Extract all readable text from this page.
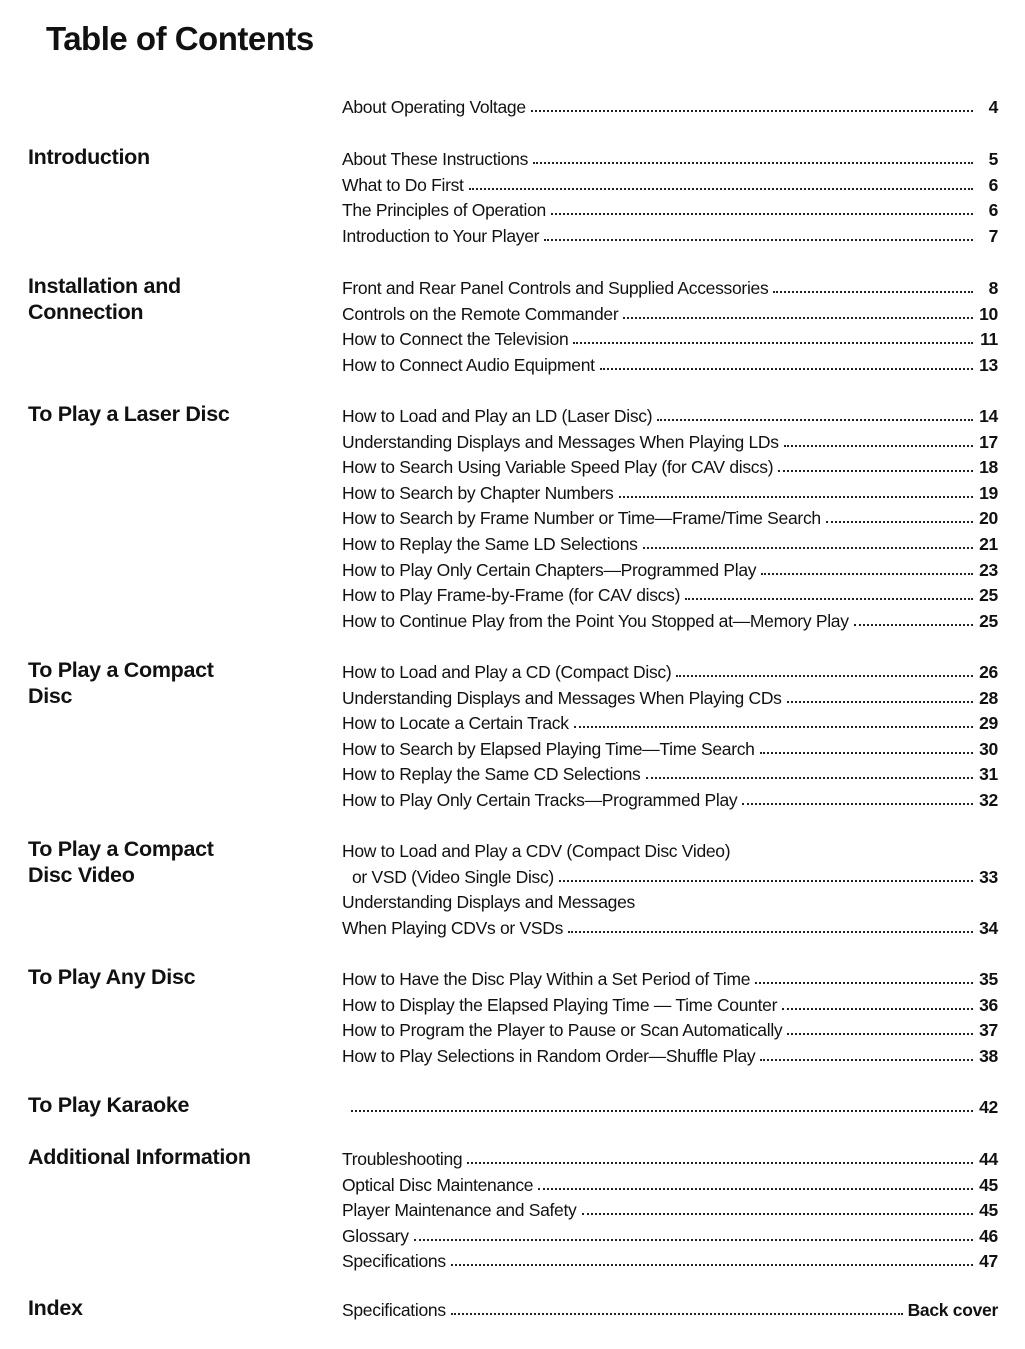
Table of Contents
About Operating Voltage	4
Introduction	About These Instructions	5
What to Do First	6
The Principles of Operation	6
Introduction to Your Player	7
Installation and
Connection
Front and Rear Panel Controls and Supplied Accessories	8
Controls on the Remote Commander	10
How to Connect the Television	11
How to Connect Audio Equipment	13
To Play a Laser Disc	How to Load and Play an LD (Laser Disc)	14
Understanding Displays and Messages When Playing LDs	17
How to Search Using Variable Speed Play (for CAV discs)	18
How to Search by Chapter Numbers	19
How to Search by Frame Number or Time—Frame/Time Search	20
How to Replay the Same LD Selections	21
How to Play Only Certain Chapters—Programmed Play	23
How to Play Frame-by-Frame (for CAV discs)	25
How to Continue Play from the Point You Stopped at—Memory Play	25
To Play a Compact
Disc
How to Load and Play a CD (Compact Disc)	26
Understanding Displays and Messages When Playing CDs	28
How to Locate a Certain Track	29
How to Search by Elapsed Playing Time—Time Search	30
How to Replay the Same CD Selections	31
How to Play Only Certain Tracks—Programmed Play	32
To Play a Compact
Disc Video
How to Load and Play a CDV (Compact Disc Video)
or VSD (Video Single Disc)	33
Understanding Displays and Messages
When Playing CDVs or VSDs	34
To Play Any Disc	How to Have the Disc Play Within a Set Period of Time	35
How to Display the Elapsed Playing Time — Time Counter	36
How to Program the Player to Pause or Scan Automatically	37
How to Play Selections in Random Order—Shuffle Play	38
To Play Karaoke	42
Additional Information	Troubleshooting	44
Optical Disc Maintenance	45
Player Maintenance and Safety	45
Glossary	46
Specifications	47
Index	Specifications	Back cover
